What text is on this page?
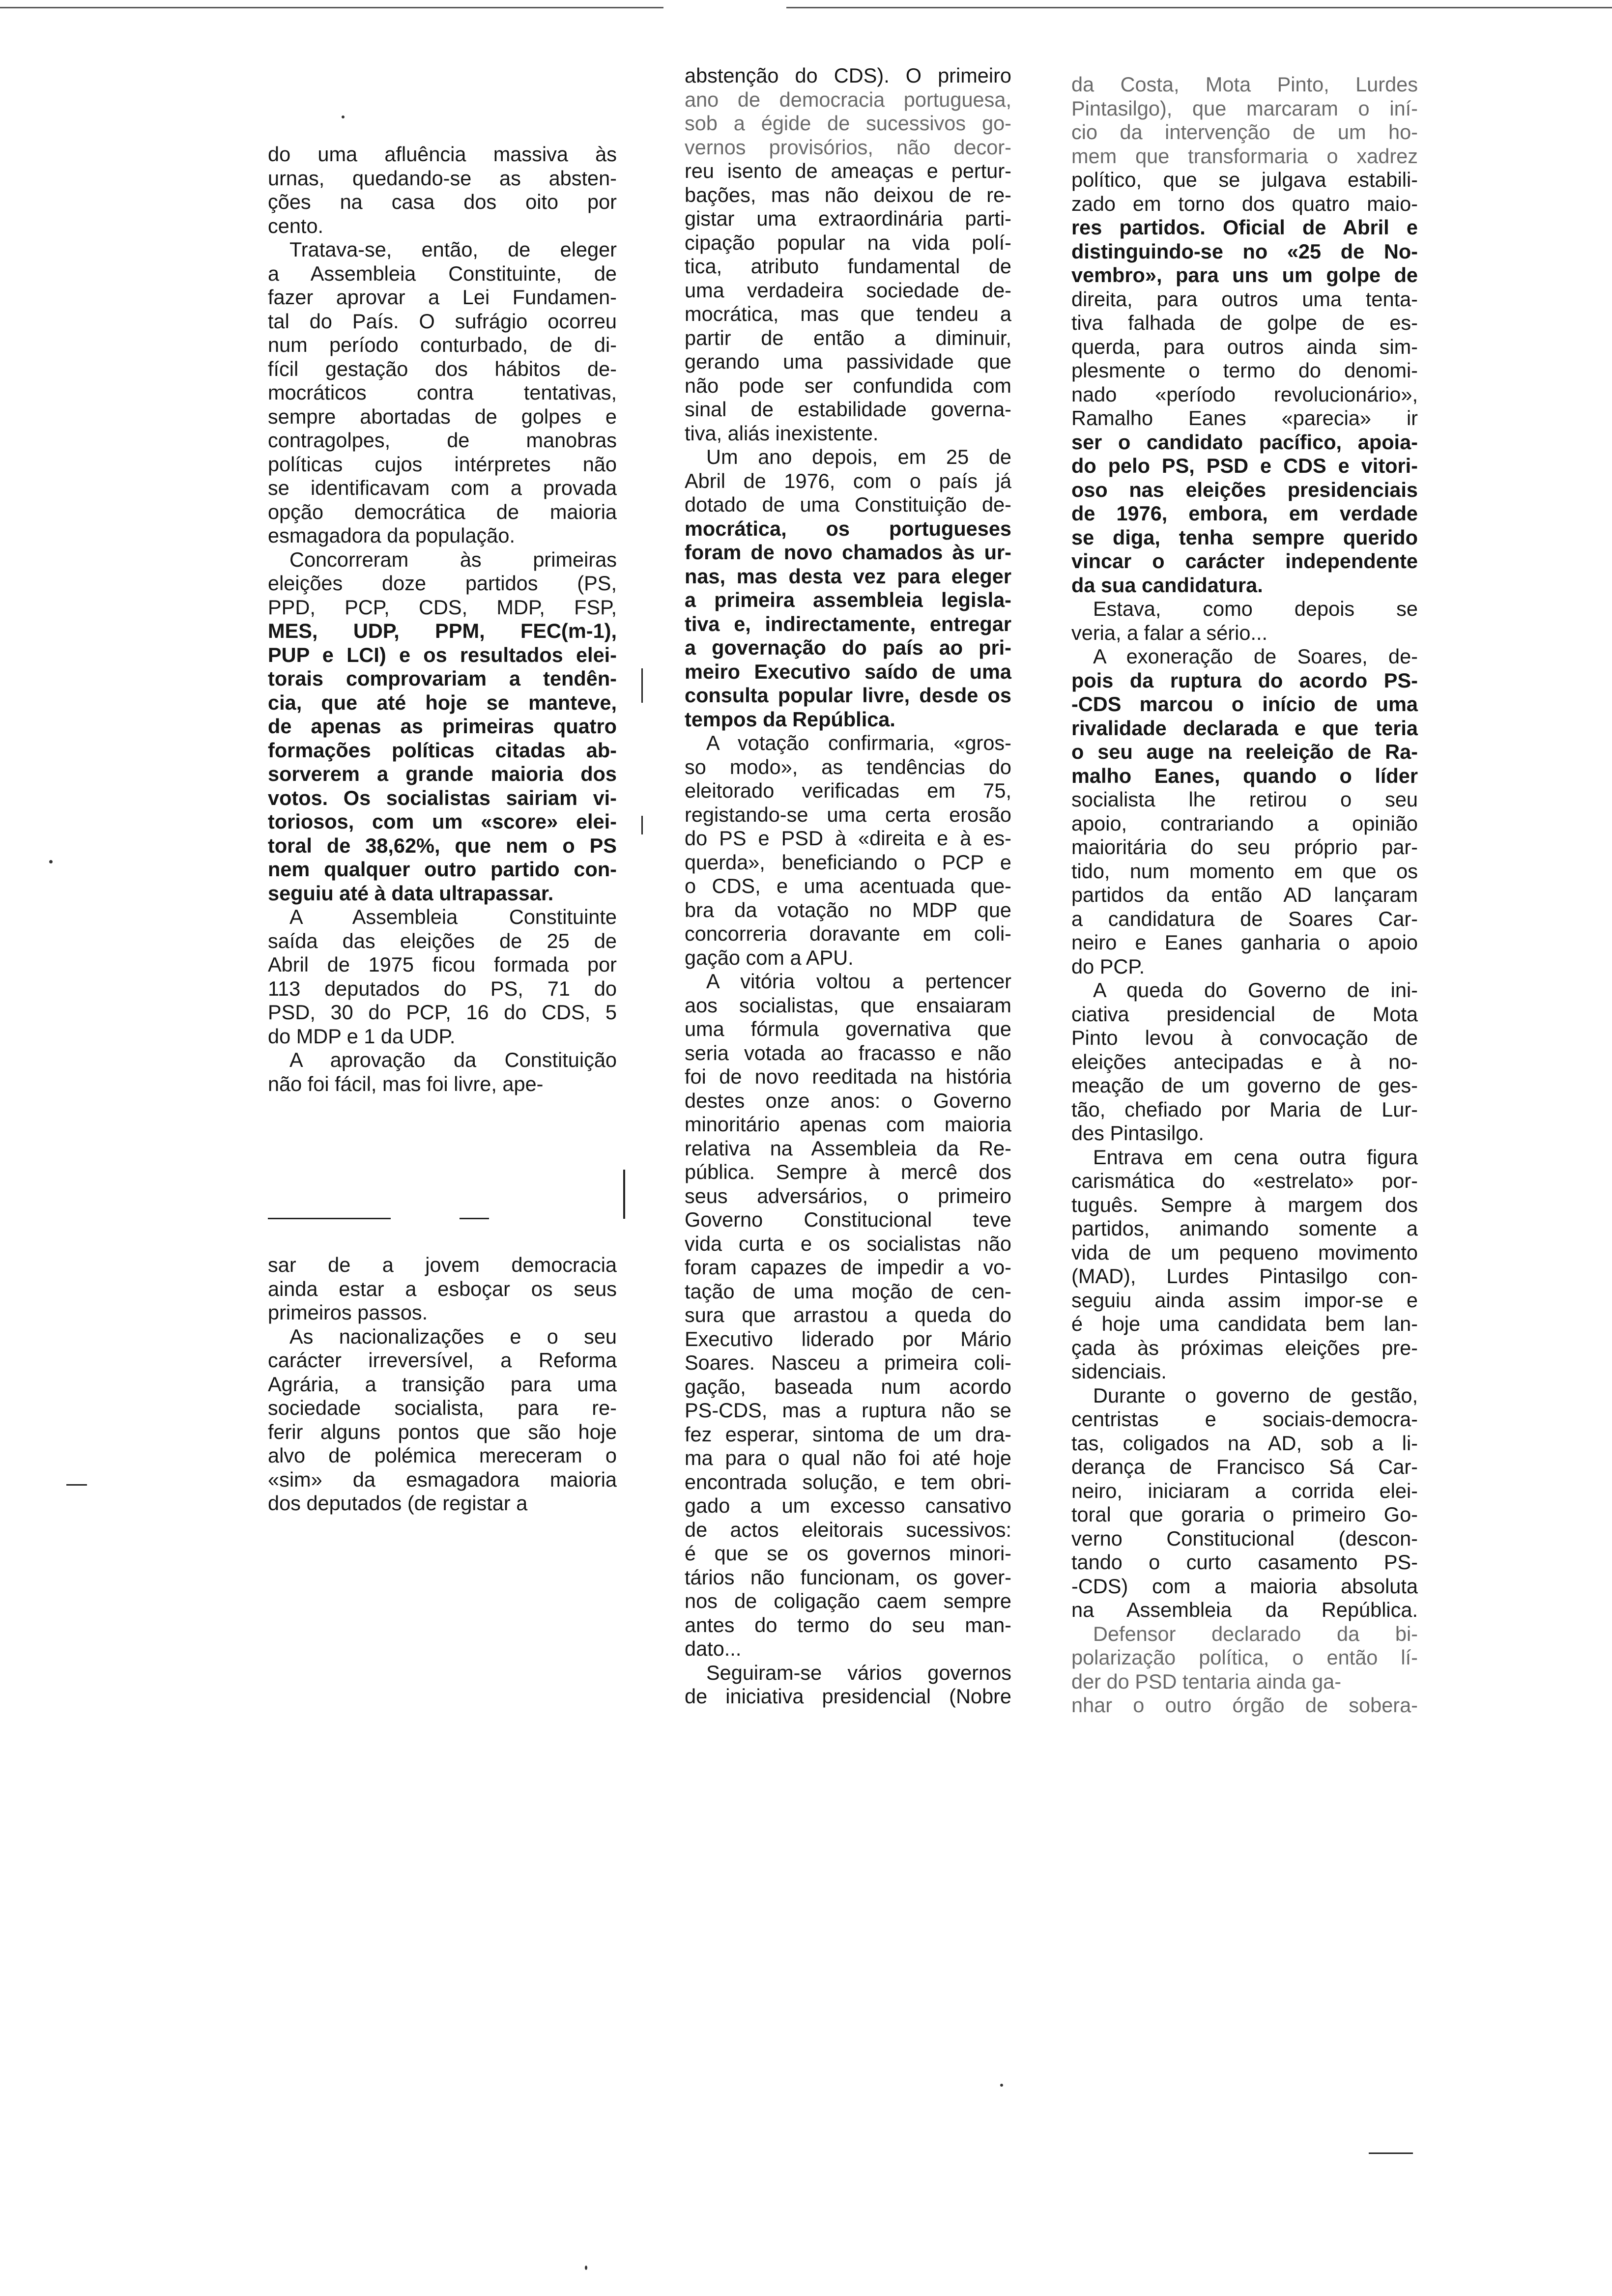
do uma afluência massiva às
urnas, quedando-se as absten-
ções na casa dos oito por
cento.
Tratava-se, então, de eleger
a Assembleia Constituinte, de
fazer aprovar a Lei Fundamen-
tal do País. O sufrágio ocorreu
num período conturbado, de di-
fícil gestação dos hábitos de-
mocráticos contra tentativas,
sempre abortadas de golpes e
contragolpes, de manobras
políticas cujos intérpretes não
se identificavam com a provada
opção democrática de maioria
esmagadora da população.
Concorreram às primeiras
eleições doze partidos (PS,
PPD, PCP, CDS, MDP, FSP,
MES, UDP, PPM, FEC(m-1),
PUP e LCI) e os resultados elei-
torais comprovariam a tendên-
cia, que até hoje se manteve,
de apenas as primeiras quatro
formações políticas citadas ab-
sorverem a grande maioria dos
votos. Os socialistas sairiam vi-
toriosos, com um «score» elei-
toral de 38,62%, que nem o PS
nem qualquer outro partido con-
seguiu até à data ultrapassar.
A Assembleia Constituinte
saída das eleições de 25 de
Abril de 1975 ficou formada por
113 deputados do PS, 71 do
PSD, 30 do PCP, 16 do CDS, 5
do MDP e 1 da UDP.
A aprovação da Constituição
não foi fácil, mas foi livre, ape-
sar de a jovem democracia
ainda estar a esboçar os seus
primeiros passos.
As nacionalizações e o seu
carácter irreversível, a Reforma
Agrária, a transição para uma
sociedade socialista, para re-
ferir alguns pontos que são hoje
alvo de polémica mereceram o
«sim» da esmagadora maioria
dos deputados (de registar a
abstenção do CDS). O primeiro
ano de democracia portuguesa,
sob a égide de sucessivos go-
vernos provisórios, não decor-
reu isento de ameaças e pertur-
bações, mas não deixou de re-
gistar uma extraordinária parti-
cipação popular na vida polí-
tica, atributo fundamental de
uma verdadeira sociedade de-
mocrática, mas que tendeu a
partir de então a diminuir,
gerando uma passividade que
não pode ser confundida com
sinal de estabilidade governa-
tiva, aliás inexistente.
Um ano depois, em 25 de
Abril de 1976, com o país já
dotado de uma Constituição de-
mocrática, os portugueses
foram de novo chamados às ur-
nas, mas desta vez para eleger
a primeira assembleia legisla-
tiva e, indirectamente, entregar
a governação do país ao pri-
meiro Executivo saído de uma
consulta popular livre, desde os
tempos da República.
A votação confirmaria, «gros-
so modo», as tendências do
eleitorado verificadas em 75,
registando-se uma certa erosão
do PS e PSD à «direita e à es-
querda», beneficiando o PCP e
o CDS, e uma acentuada que-
bra da votação no MDP que
concorreria doravante em coli-
gação com a APU.
A vitória voltou a pertencer
aos socialistas, que ensaiaram
uma fórmula governativa que
seria votada ao fracasso e não
foi de novo reeditada na história
destes onze anos: o Governo
minoritário apenas com maioria
relativa na Assembleia da Re-
pública. Sempre à mercê dos
seus adversários, o primeiro
Governo Constitucional teve
vida curta e os socialistas não
foram capazes de impedir a vo-
tação de uma moção de cen-
sura que arrastou a queda do
Executivo liderado por Mário
Soares. Nasceu a primeira coli-
gação, baseada num acordo
PS-CDS, mas a ruptura não se
fez esperar, sintoma de um dra-
ma para o qual não foi até hoje
encontrada solução, e tem obri-
gado a um excesso cansativo
de actos eleitorais sucessivos:
é que se os governos minori-
tários não funcionam, os gover-
nos de coligação caem sempre
antes do termo do seu man-
dato...
Seguiram-se vários governos
de iniciativa presidencial (Nobre
da Costa, Mota Pinto, Lurdes
Pintasilgo), que marcaram o iní-
cio da intervenção de um ho-
mem que transformaria o xadrez
político, que se julgava estabili-
zado em torno dos quatro maio-
res partidos. Oficial de Abril e
distinguindo-se no «25 de No-
vembro», para uns um golpe de
direita, para outros uma tenta-
tiva falhada de golpe de es-
querda, para outros ainda sim-
plesmente o termo do denomi-
nado «período revolucionário»,
Ramalho Eanes «parecia» ir
ser o candidato pacífico, apoia-
do pelo PS, PSD e CDS e vitori-
oso nas eleições presidenciais
de 1976, embora, em verdade
se diga, tenha sempre querido
vincar o carácter independente
da sua candidatura.
Estava, como depois se
veria, a falar a sério...
A exoneração de Soares, de-
pois da ruptura do acordo PS-
-CDS marcou o início de uma
rivalidade declarada e que teria
o seu auge na reeleição de Ra-
malho Eanes, quando o líder
socialista lhe retirou o seu
apoio, contrariando a opinião
maioritária do seu próprio par-
tido, num momento em que os
partidos da então AD lançaram
a candidatura de Soares Car-
neiro e Eanes ganharia o apoio
do PCP.
A queda do Governo de ini-
ciativa presidencial de Mota
Pinto levou à convocação de
eleições antecipadas e à no-
meação de um governo de ges-
tão, chefiado por Maria de Lur-
des Pintasilgo.
Entrava em cena outra figura
carismática do «estrelato» por-
tuguês. Sempre à margem dos
partidos, animando somente a
vida de um pequeno movimento
(MAD), Lurdes Pintasilgo con-
seguiu ainda assim impor-se e
é hoje uma candidata bem lan-
çada às próximas eleições pre-
sidenciais.
Durante o governo de gestão,
centristas e sociais-democra-
tas, coligados na AD, sob a li-
derança de Francisco Sá Car-
neiro, iniciaram a corrida elei-
toral que goraria o primeiro Go-
verno Constitucional (descon-
tando o curto casamento PS-
-CDS) com a maioria absoluta
na Assembleia da República.
Defensor declarado da bi-
polarização política, o então lí-
der do PSD tentaria ainda ga-
nhar o outro órgão de sobera-
